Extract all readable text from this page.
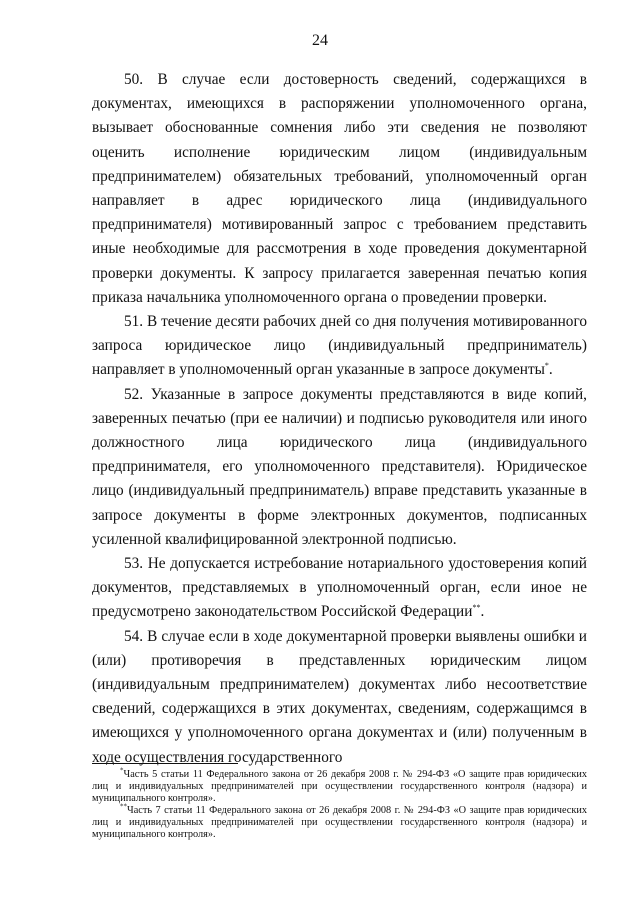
24

50. В случае если достоверность сведений, содержащихся в документах, имеющихся в распоряжении уполномоченного органа, вызывает обоснованные сомнения либо эти сведения не позволяют оценить исполнение юридическим лицом (индивидуальным предпринимателем) обязательных требований, уполномоченный орган направляет в адрес юридического лица (индивидуального предпринимателя) мотивированный запрос с требованием представить иные необходимые для рассмотрения в ходе проведения документарной проверки документы. К запросу прилагается заверенная печатью копия приказа начальника уполномоченного органа о проведении проверки.

51. В течение десяти рабочих дней со дня получения мотивированного запроса юридическое лицо (индивидуальный предприниматель) направляет в уполномоченный орган указанные в запросе документы*.

52. Указанные в запросе документы представляются в виде копий, заверенных печатью (при ее наличии) и подписью руководителя или иного должностного лица юридического лица (индивидуального предпринимателя, его уполномоченного представителя). Юридическое лицо (индивидуальный предприниматель) вправе представить указанные в запросе документы в форме электронных документов, подписанных усиленной квалифицированной электронной подписью.

53. Не допускается истребование нотариального удостоверения копий документов, представляемых в уполномоченный орган, если иное не предусмотрено законодательством Российской Федерации**.

54. В случае если в ходе документарной проверки выявлены ошибки и (или) противоречия в представленных юридическим лицом (индивидуальным предпринимателем) документах либо несоответствие сведений, содержащихся в этих документах, сведениям, содержащимся в имеющихся у уполномоченного органа документах и (или) полученным в ходе осуществления государственного

*Часть 5 статьи 11 Федерального закона от 26 декабря 2008 г. № 294-ФЗ «О защите прав юридических лиц и индивидуальных предпринимателей при осуществлении государственного контроля (надзора) и муниципального контроля».

**Часть 7 статьи 11 Федерального закона от 26 декабря 2008 г. № 294-ФЗ «О защите прав юридических лиц и индивидуальных предпринимателей при осуществлении государственного контроля (надзора) и муниципального контроля».
